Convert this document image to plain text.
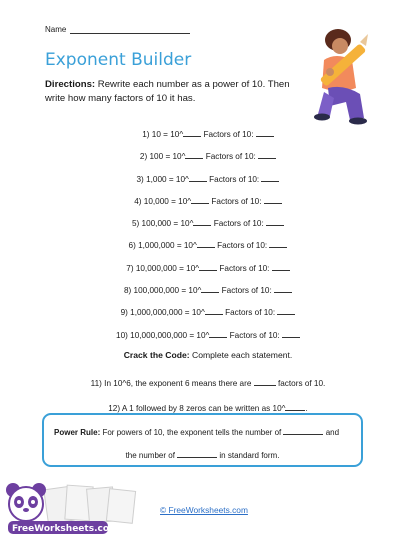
Name
Exponent Builder
Directions: Rewrite each number as a power of 10. Then write how many factors of 10 it has.
1) 10 = 10^ Factors of 10:
2) 100 = 10^ Factors of 10:
3) 1,000 = 10^ Factors of 10:
4) 10,000 = 10^ Factors of 10:
5) 100,000 = 10^ Factors of 10:
6) 1,000,000 = 10^ Factors of 10:
7) 10,000,000 = 10^ Factors of 10:
8) 100,000,000 = 10^ Factors of 10:
9) 1,000,000,000 = 10^ Factors of 10:
10) 10,000,000,000 = 10^ Factors of 10:
Crack the Code: Complete each statement.
11) In 10^6, the exponent 6 means there are	factors of 10.
12) A 1 followed by 8 zeros can be written as 10^ .
Power Rule: For powers of 10, the exponent tells the number of	and
the number of	in standard form.
FreeWorksheets.com
© FreeWorksheets.com
